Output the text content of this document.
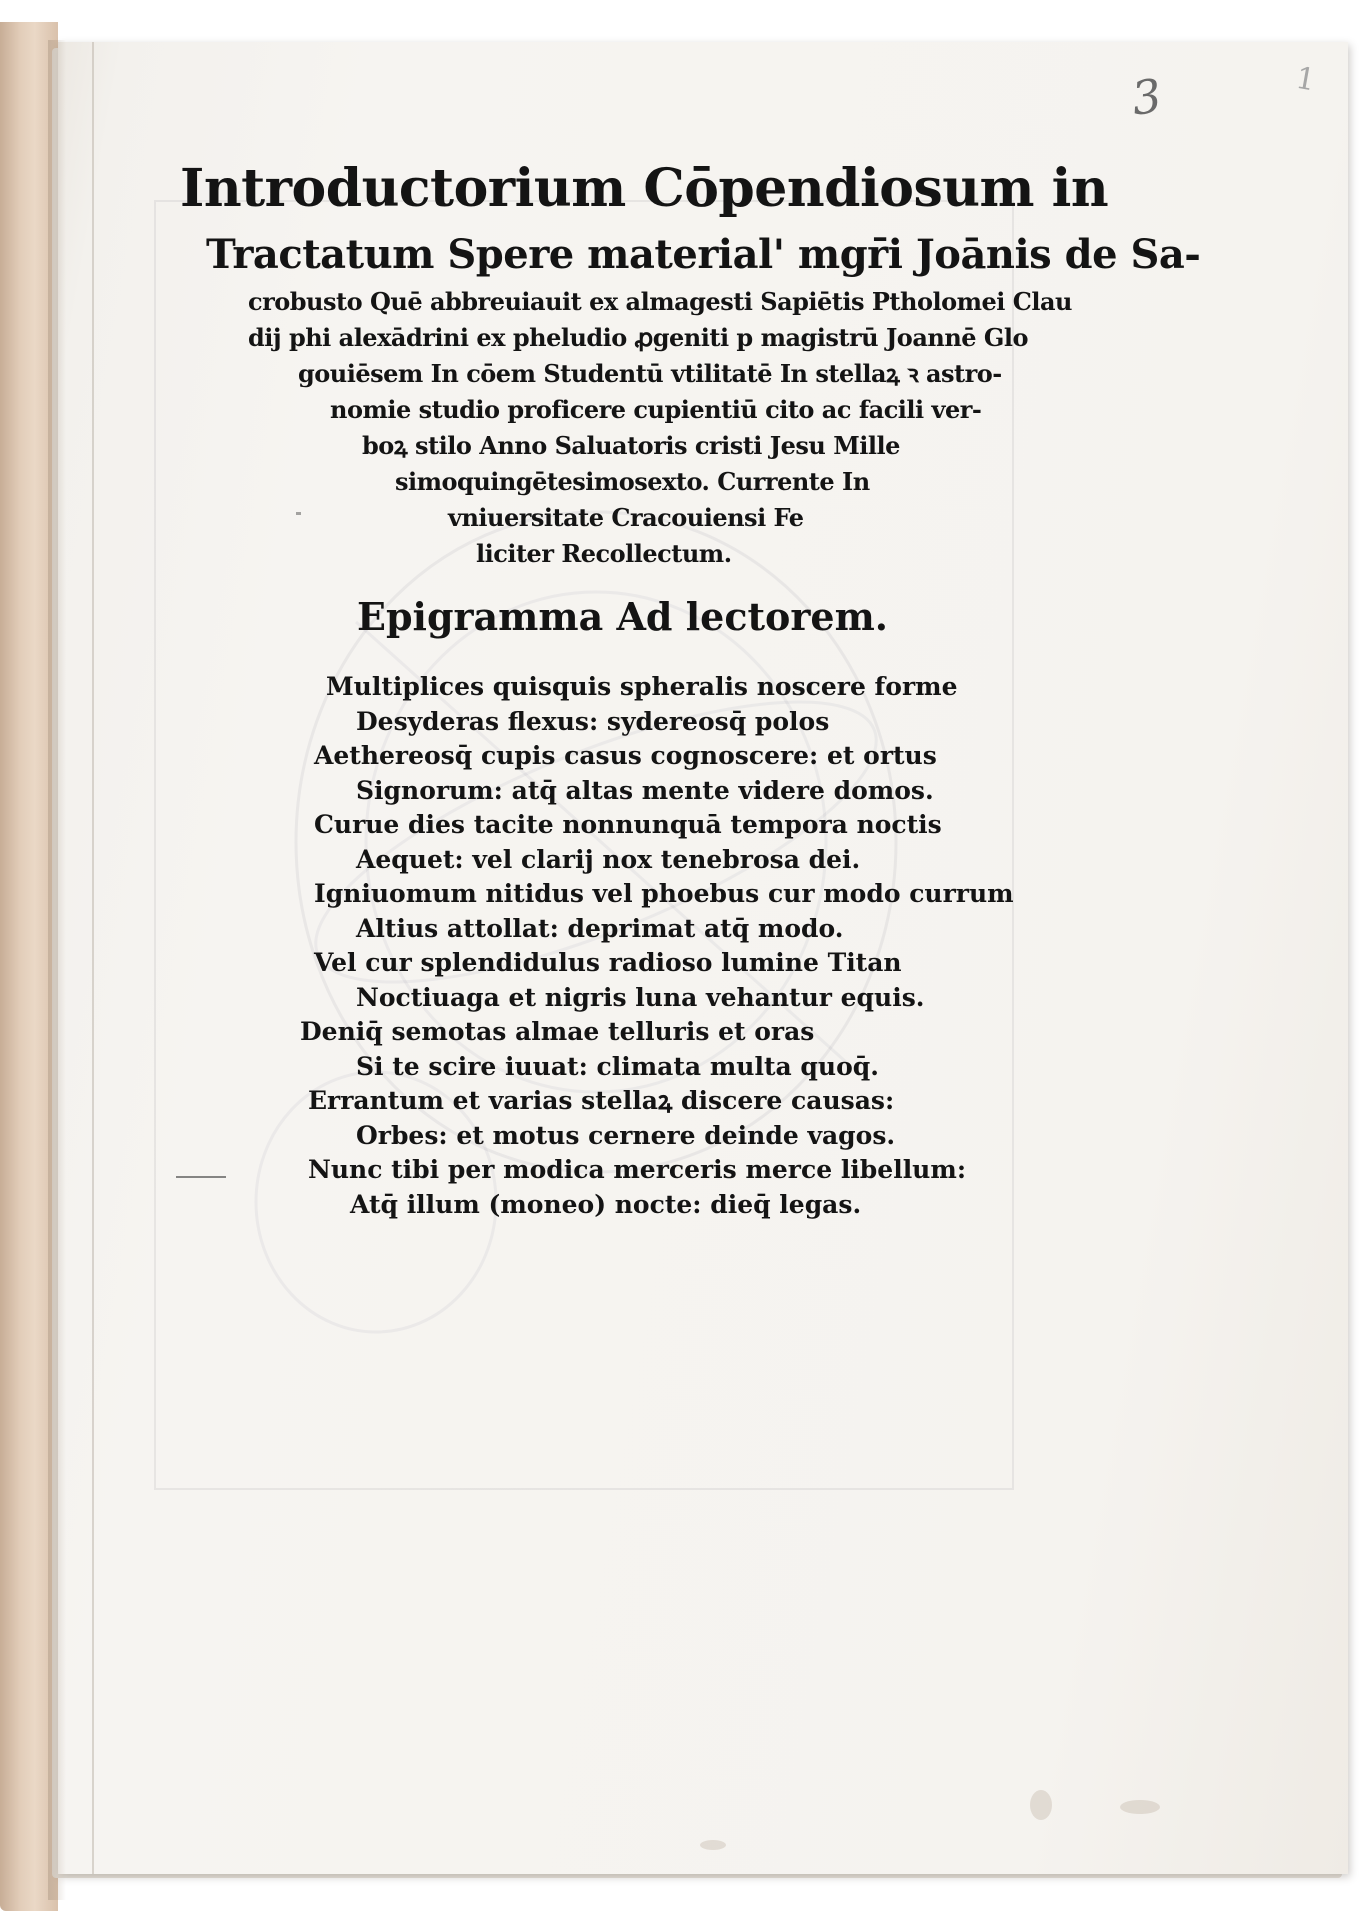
3	1
Introductorium Cōpendiosum in
Tractatum Spere material' mgr̄i Joānis de Sa-
crobusto Quē abbreuiauit ex almagesti Sapiētis Ptholomei Clau
dij phi alexādrini ex pheludio ꝓgeniti p magistrū Joannē Glo
gouiēsem In cōem Studentū vtilitatē In stellaꝝ ꝛ astro-
nomie studio proficere cupientiū cito ac facili ver-
boꝝ stilo Anno Saluatoris cristi Jesu Mille
simoquingētesimosexto. Currente In
vniuersitate Cracouiensi Fe
liciter Recollectum.
Epigramma Ad lectorem.
Multiplices quisquis spheralis noscere forme
Desyderas flexus: sydereosq̄ polos
Aethereosq̄ cupis casus cognoscere: et ortus
Signorum: atq̄ altas mente videre domos.
Curue dies tacite nonnunquā tempora noctis
Aequet: vel clarij nox tenebrosa dei.
Igniuomum nitidus vel phoebus cur modo currum
Altius attollat: deprimat atq̄ modo.
Vel cur splendidulus radioso lumine Titan
Noctiuaga et nigris luna vehantur equis.
Deniq̄ semotas almae telluris et oras
Si te scire iuuat: climata multa quoq̄.
Errantum et varias stellaꝝ discere causas:
Orbes: et motus cernere deinde vagos.
Nunc tibi per modica merceris merce libellum:
Atq̄ illum (moneo) nocte: dieq̄ legas.
